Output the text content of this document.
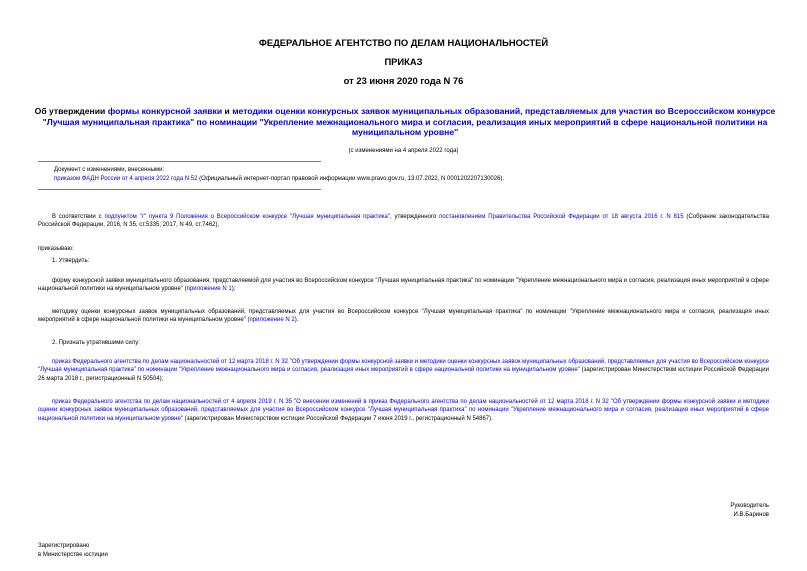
ФЕДЕРАЛЬНОЕ АГЕНТСТВО ПО ДЕЛАМ НАЦИОНАЛЬНОСТЕЙ
ПРИКАЗ
от 23 июня 2020 года N 76
Об утверждении формы конкурсной заявки и методики оценки конкурсных заявок муниципальных образований, представляемых для участия во Всероссийском конкурсе "Лучшая муниципальная практика" по номинации "Укрепление межнационального мира и согласия, реализация иных мероприятий в сфере национальной политики на муниципальном уровне"
(с изменениями на 4 апреля 2022 года)
Документ с изменениями, внесенными:
приказом ФАДН России от 4 апреля 2022 года N 52 (Официальный интернет-портал правовой информации www.pravo.gov.ru, 13.07.2022, N 0001202207130026).
В соответствии с подпунктом "г" пункта 9 Положения о Всероссийском конкурсе "Лучшая муниципальная практика", утвержденного постановлением Правительства Российской Федерации от 18 августа 2016 г. N 815 (Собрание законодательства Российской Федерации, 2016, N 35, ст.5335; 2017, N 49, ст.7462),
приказываю:
1. Утвердить:
форму конкурсной заявки муниципального образования, представляемой для участия во Всероссийском конкурсе "Лучшая муниципальная практика" по номинации "Укрепление межнационального мира и согласия, реализация иных мероприятий в сфере национальной политики на муниципальном уровне" (приложение N 1);
методику оценки конкурсных заявок муниципальных образований, представляемых для участия во Всероссийском конкурсе "Лучшая муниципальная практика" по номинации "Укрепление межнационального мира и согласия, реализация иных мероприятий в сфере национальной политики на муниципальном уровне" (приложение N 2).
2. Признать утратившими силу:
приказ Федерального агентства по делам национальностей от 12 марта 2018 г. N 32 "Об утверждении формы конкурсной заявки и методики оценки конкурсных заявок муниципальных образований, представляемых для участия во Всероссийском конкурсе "Лучшая муниципальная практика" по номинации "Укрепление межнационального мира и согласия, реализация иных мероприятий в сфере национальной политики на муниципальном уровне" (зарегистрирован Министерством юстиции Российской Федерации 26 марта 2018 г., регистрационный N 50504);
приказ Федерального агентства по делам национальностей от 4 апреля 2019 г. N 35 "О внесении изменений в приказ Федерального агентства по делам национальностей от 12 марта 2018 г. N 32 "Об утверждении формы конкурсной заявки и методики оценки конкурсных заявок муниципальных образований, представляемых для участия во Всероссийском конкурсе "Лучшая муниципальная практика" по номинации "Укрепление межнационального мира и согласия, реализация иных мероприятий в сфере национальной политики на муниципальном уровне" (зарегистрирован Министерством юстиции Российской Федерации 7 июня 2019 г., регистрационный N 54867).
Руководитель
И.В.Баринов
Зарегистрировано
в Министерстве юстиции
